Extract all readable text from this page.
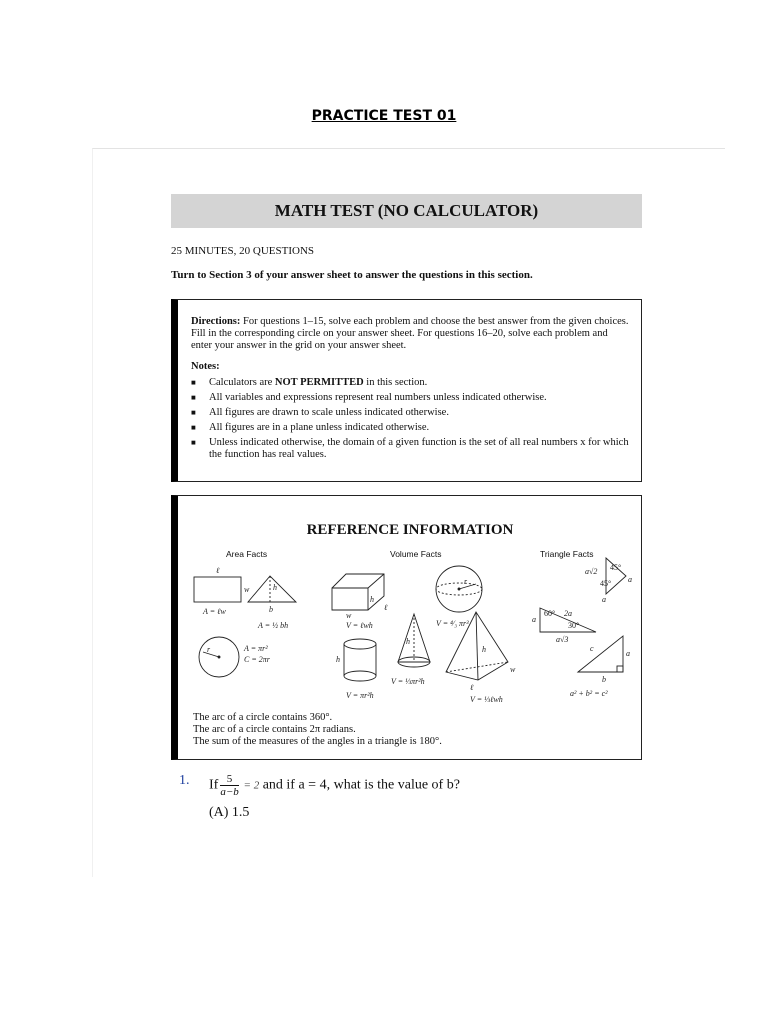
PRACTICE TEST 01
MATH TEST (NO CALCULATOR)
25 MINUTES, 20 QUESTIONS
Turn to Section 3 of your answer sheet to answer the questions in this section.

Directions: For questions 1–15, solve each problem and choose the best answer from the given choices. Fill in the corresponding circle on your answer sheet. For questions 16–20, solve each problem and enter your answer in the grid on your answer sheet.

Notes:

■ Calculators are NOT PERMITTED in this section.
■ All variables and expressions represent real numbers unless indicated otherwise.
■ All figures are drawn to scale unless indicated otherwise.
■ All figures are in a plane unless indicated otherwise.
■ Unless indicated otherwise, the domain of a given function is the set of all real numbers x for which the function has real values.
REFERENCE INFORMATION
Area Facts	Volume Facts	Triangle Facts
ℓ
w
A = ℓw
h
b
A = ½ bh
r	A = πr²
C = 2πr
h
ℓ
w
V = ℓwh
r
V = ⁴⁄₃ πr³
h
V = ⅓πr²h
h
V = πr²h
h
w
ℓ
V = ⅓ℓwh
a√2 45°
45° a
a
60° 2a
30°
a
a√3
c
a
b
a² + b² = c²
The arc of a circle contains 360°.
The arc of a circle contains 2π radians.
The sum of the measures of the angles in a triangle is 180°.
1. If $\frac{5}{a-b} = 2$ and if a = 4, what is the value of b?
(A) 1.5
